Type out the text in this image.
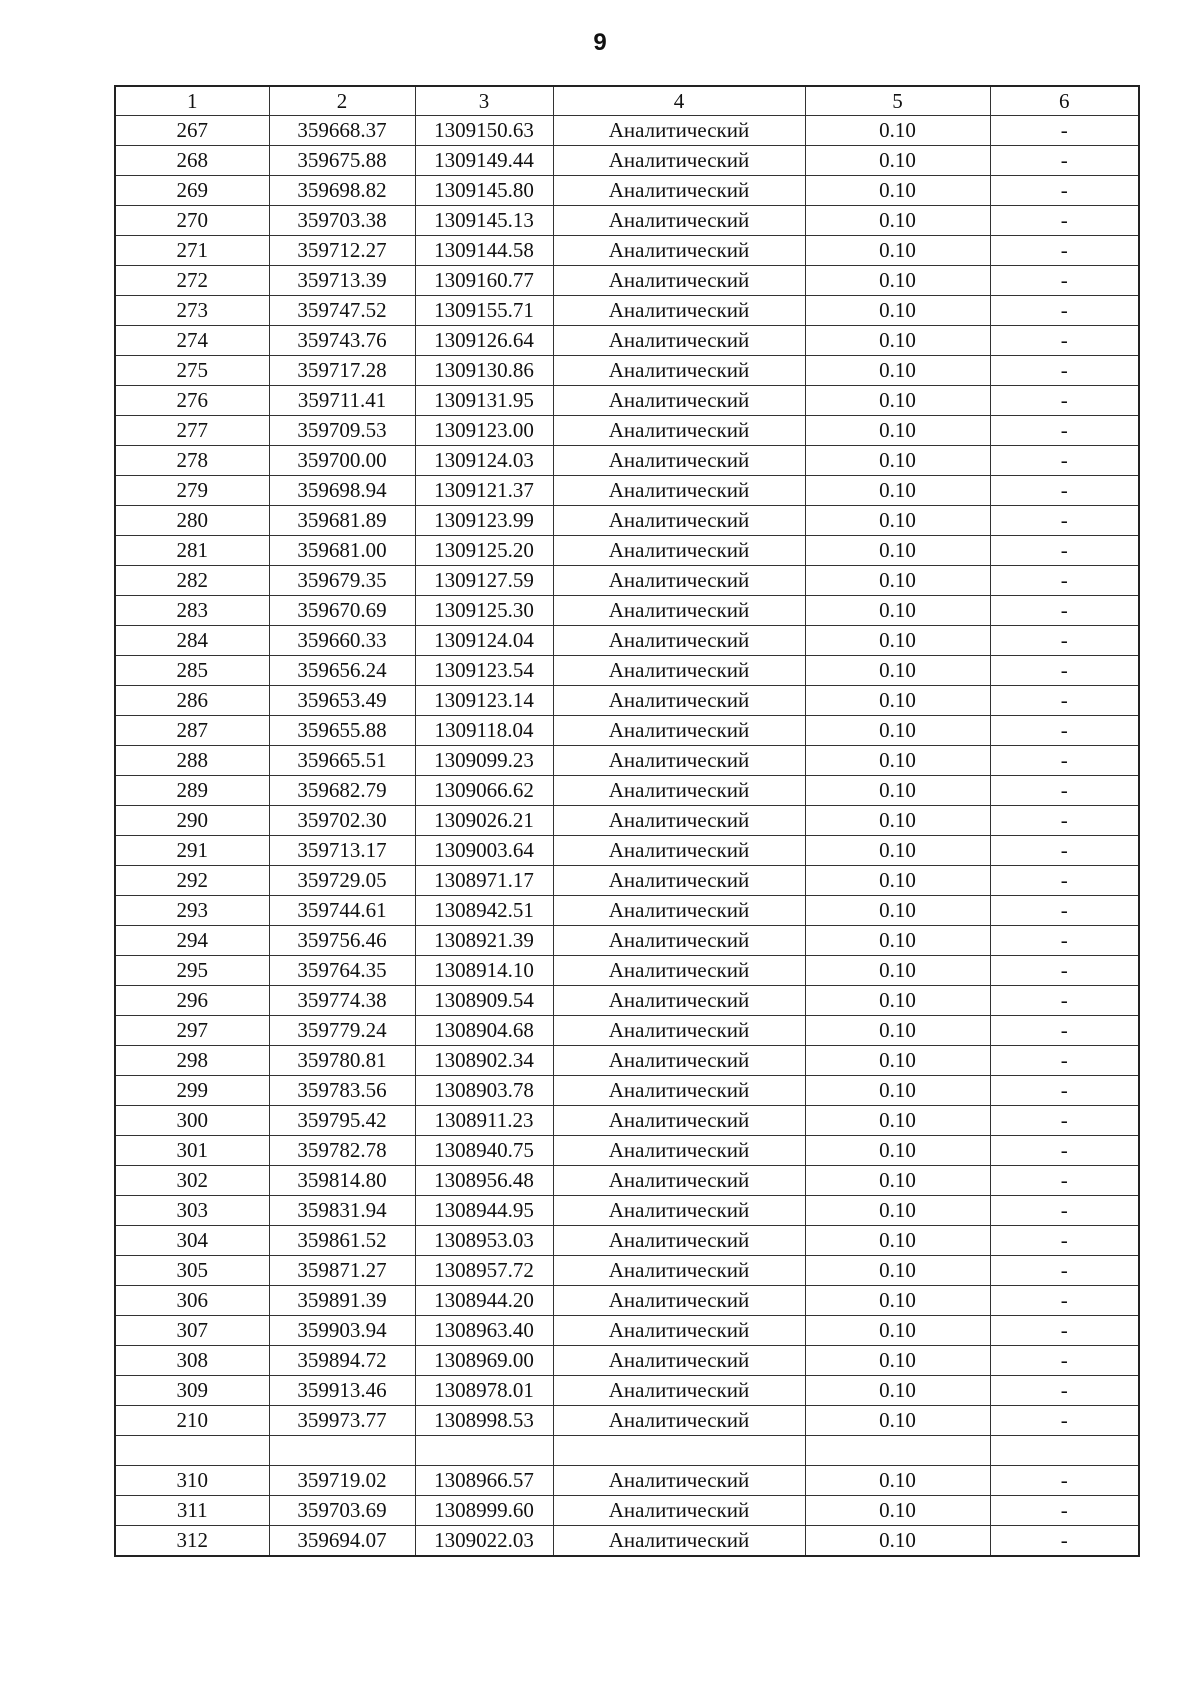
9
1	2	3	4	5	6
267	359668.37	1309150.63	Аналитический	0.10	-
268	359675.88	1309149.44	Аналитический	0.10	-
269	359698.82	1309145.80	Аналитический	0.10	-
270	359703.38	1309145.13	Аналитический	0.10	-
271	359712.27	1309144.58	Аналитический	0.10	-
272	359713.39	1309160.77	Аналитический	0.10	-
273	359747.52	1309155.71	Аналитический	0.10	-
274	359743.76	1309126.64	Аналитический	0.10	-
275	359717.28	1309130.86	Аналитический	0.10	-
276	359711.41	1309131.95	Аналитический	0.10	-
277	359709.53	1309123.00	Аналитический	0.10	-
278	359700.00	1309124.03	Аналитический	0.10	-
279	359698.94	1309121.37	Аналитический	0.10	-
280	359681.89	1309123.99	Аналитический	0.10	-
281	359681.00	1309125.20	Аналитический	0.10	-
282	359679.35	1309127.59	Аналитический	0.10	-
283	359670.69	1309125.30	Аналитический	0.10	-
284	359660.33	1309124.04	Аналитический	0.10	-
285	359656.24	1309123.54	Аналитический	0.10	-
286	359653.49	1309123.14	Аналитический	0.10	-
287	359655.88	1309118.04	Аналитический	0.10	-
288	359665.51	1309099.23	Аналитический	0.10	-
289	359682.79	1309066.62	Аналитический	0.10	-
290	359702.30	1309026.21	Аналитический	0.10	-
291	359713.17	1309003.64	Аналитический	0.10	-
292	359729.05	1308971.17	Аналитический	0.10	-
293	359744.61	1308942.51	Аналитический	0.10	-
294	359756.46	1308921.39	Аналитический	0.10	-
295	359764.35	1308914.10	Аналитический	0.10	-
296	359774.38	1308909.54	Аналитический	0.10	-
297	359779.24	1308904.68	Аналитический	0.10	-
298	359780.81	1308902.34	Аналитический	0.10	-
299	359783.56	1308903.78	Аналитический	0.10	-
300	359795.42	1308911.23	Аналитический	0.10	-
301	359782.78	1308940.75	Аналитический	0.10	-
302	359814.80	1308956.48	Аналитический	0.10	-
303	359831.94	1308944.95	Аналитический	0.10	-
304	359861.52	1308953.03	Аналитический	0.10	-
305	359871.27	1308957.72	Аналитический	0.10	-
306	359891.39	1308944.20	Аналитический	0.10	-
307	359903.94	1308963.40	Аналитический	0.10	-
308	359894.72	1308969.00	Аналитический	0.10	-
309	359913.46	1308978.01	Аналитический	0.10	-
210	359973.77	1308998.53	Аналитический	0.10	-

310	359719.02	1308966.57	Аналитический	0.10	-
311	359703.69	1308999.60	Аналитический	0.10	-
312	359694.07	1309022.03	Аналитический	0.10	-
